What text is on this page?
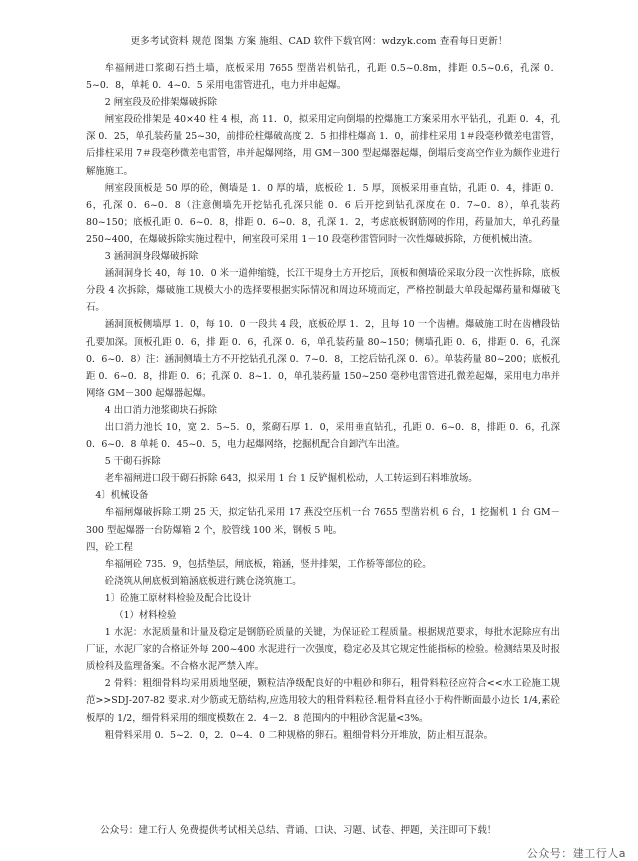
更多考试资料 规范 图集 方案 施组、CAD 软件下载官网：wdzyk.com 查看每日更新！

牟福闸进口浆砌石挡土墙，底板采用 7655 型凿岩机钻孔，孔距 0.5~0.8m，排距 0.5~0.6，孔深 0．5~0．8，单耗 0．4~0．5 采用电雷管进孔，电力并串起爆。

2 闸室段及砼排架爆破拆除

闸室段砼排架是 40×40 柱 4 根，高 11．0，拟采用定向倒塌的控爆施工方案采用水平钻孔，孔距 0．4，孔深 0．25，单孔装药量 25~30，前排砼柱爆破高度 2．5 扣排柱爆高 1．0，前排柱采用 1＃段毫秒微差电雷管，后排柱采用 7＃段毫秒微差电雷管，串并起爆网络，用 GM－300 型起爆器起爆，倒塌后变高空作业为颇作业进行解施施工。

闸室段顶板是 50 厚的砼，侧墙是 1．0 厚的墙，底板砼 1．5 厚，顶板采用垂直钻，孔距 0．4，排距 0．6，孔深 0．6~0．8（注意侧墙先开挖钻孔孔深只能 0．6 后开挖到钻孔深度在 0．7~0．8），单孔装药 80~150；底板孔距 0．6~0．8，排距 0．6~0．8，孔深 1．2，考虑底板钢筋网的作用，药量加大，单孔药量 250~400，在爆破拆除实施过程中，闸室段可采用 1－10 段毫秒雷管同时一次性爆破拆除，方便机械出渣。

3 涵洞洞身段爆破拆除

涵洞洞身长 40，每 10．0 米一道伸缩缝，长江干堤身土方开挖后，顶板和侧墙砼采取分段一次性拆除，底板分段 4 次拆除，爆破施工规模大小的选择要根据实际情况和周边环境而定，严格控制最大单段起爆药量和爆破飞石。

涵洞顶板侧墙厚 1．0，每 10．0 一段共 4 段，底板砼厚 1．2，且每 10 一个齿槽。爆破施工时在齿槽段钻孔要加深。顶板孔距 0．6，排 距 0．6，孔深 0．6，单孔装药量 80~150；侧墙孔距 0．6，排距 0．6，孔深 0．6~0．8）注：涵洞侧墙土方不开挖钻孔孔深 0．7~0．8，工挖后钻孔深 0．6）。单装药量 80~200；底板孔距 0．6~0．8，排距 0．6；孔深 0．8~1．0，单孔装药量 150~250 毫秒电雷管进孔微差起爆，采用电力串并网络 GM－300 起爆器起爆。

4 出口消力池浆砌块石拆除

出口消力池长 10，宽 2．5~5．0，浆砌石厚 1．0，采用垂直钻孔，孔距 0．6~0．8，排距 0．6，孔深 0．6~0．8 单耗 0．45~0．5，电力起爆网络，挖掘机配合自卸汽车出渣。

5 干砌石拆除

老牟福闸进口段干砌石拆除 643，拟采用 1 台 1 反铲掘机松动，人工转运到石料堆放场。

4〕机械设备

牟福闸爆破拆除工期 25 天，拟定钻孔采用 17 燕没空压机一台 7655 型凿岩机 6 台，1 挖掘机 1 台 GM－300 型起爆器一台防爆箱 2 个，胶管线 100 米，钢板 5 吨。

四，砼工程

牟福闸砼 735．9，包括垫层，闸底板，箱涵，竖井排架，工作桥等部位的砼。

砼浇筑从闸底板到箱涵底板进行跳仓浇筑施工。

1〕砼施工原材料检验及配合比设计

（1）材料检验

1 水泥：水泥质量和计量及稳定是钢筋砼质量的关键，为保证砼工程质量。根据规范要求，每批水泥除应有出厂证，水泥厂家的合格证外每 200~400 水泥进行一次强度，稳定必及其它规定性能指标的检验。检测结果及时报质检科及监理备案。不合格水泥严禁入库。

2 骨料：粗细骨料均采用质地坚硬，颗粒洁净级配良好的中粗砂和卵石，粗骨料粒径应符合<<水工砼施工规范>>SDJ-207-82 要求.对少筋或无筋结构,应选用较大的粗骨料粒径.粗骨料直径小于构件断面最小边长 1/4,素砼板厚的 1/2，细骨料采用的细度模数在 2．4－2．8 范围内的中粗砂含泥量<3%。

粗骨料采用 0．5~2．0，2．0~4．0 二种规格的卵石。粗细骨料分开堆放，防止相互混杂。

公众号：建工行人 免费提供考试相关总结、背诵、口诀、习题、试卷、押题，关注即可下载！
公众号：建工行人a
